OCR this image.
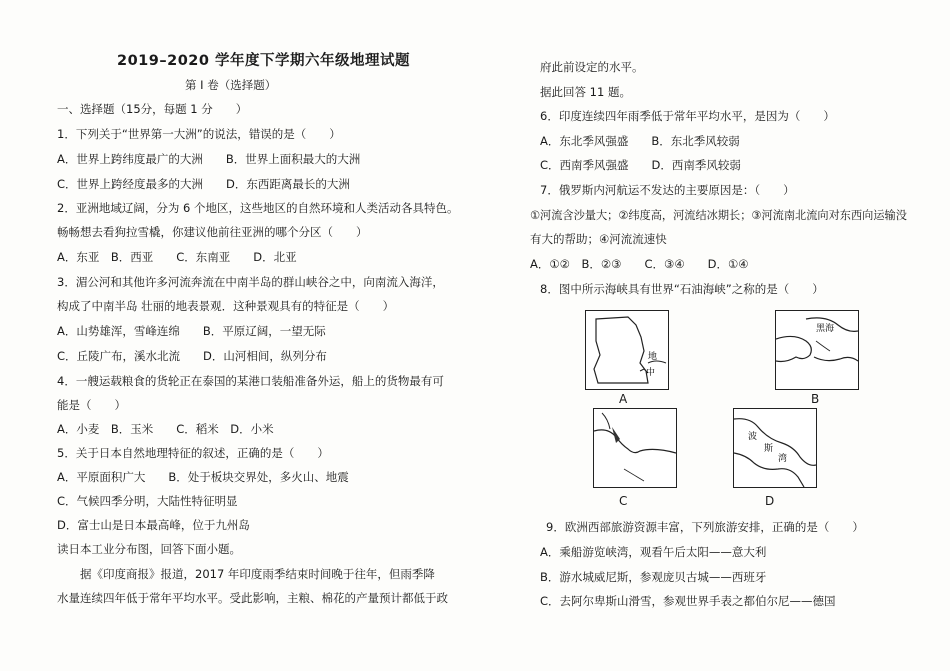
2019–2020 学年度下学期六年级地理试题
第 I 卷（选择题）
一、选择题（15分，每题 1 分　　）
1．下列关于“世界第一大洲”的说法，错误的是（　　）
A．世界上跨纬度最广的大洲　　B．世界上面积最大的大洲
C．世界上跨经度最多的大洲　　D．东西距离最长的大洲
2．亚洲地域辽阔，分为 6 个地区，这些地区的自然环境和人类活动各具特色。
畅畅想去看狗拉雪橇，你建议他前往亚洲的哪个分区（　　）
A．东亚　B．西亚　　C．东南亚　　D．北亚
3．湄公河和其他许多河流奔流在中南半岛的群山峡谷之中，向南流入海洋，
构成了中南半岛 壮丽的地表景观．这种景观具有的特征是（　　）
A．山势雄浑，雪峰连绵　　B．平原辽阔，一望无际
C．丘陵广布，溪水北流　　D．山河相间，纵列分布
4．一艘运载粮食的货轮正在泰国的某港口装船准备外运，船上的货物最有可
能是（　　）
A．小麦　B．玉米　　C．稻米　D．小米
5．关于日本自然地理特征的叙述，正确的是（　　）
A．平原面积广大　　B．处于板块交界处，多火山、地震
C．气候四季分明，大陆性特征明显
D．富士山是日本最高峰，位于九州岛
读日本工业分布图，回答下面小题。
　　据《印度商报》报道，2017 年印度雨季结束时间晚于往年，但雨季降
水量连续四年低于常年平均水平。受此影响，主粮、棉花的产量预计都低于政
府此前设定的水平。
据此回答 11 题。
6．印度连续四年雨季低于常年平均水平，是因为（　　）
A．东北季风强盛　　B．东北季风较弱
C．西南季风强盛　　D．西南季风较弱
7．俄罗斯内河航运不发达的主要原因是：（　　）
①河流含沙量大；②纬度高，河流结冰期长；③河流南北流向对东西向运输没
有大的帮助；④河流流速快
A．①②　B．②③　　C．③④　　D．①④
8．图中所示海峡具有世界“石油海峡”之称的是（　　）
9．欧洲西部旅游资源丰富，下列旅游安排，正确的是（　　）
A．乘船游览峡湾，观看午后太阳——意大利
B．游水城威尼斯，参观庞贝古城——西班牙
C．去阿尔卑斯山滑雪，参观世界手表之都伯尔尼——德国
地
中
A
黑海
B
C
波
斯
湾
D
